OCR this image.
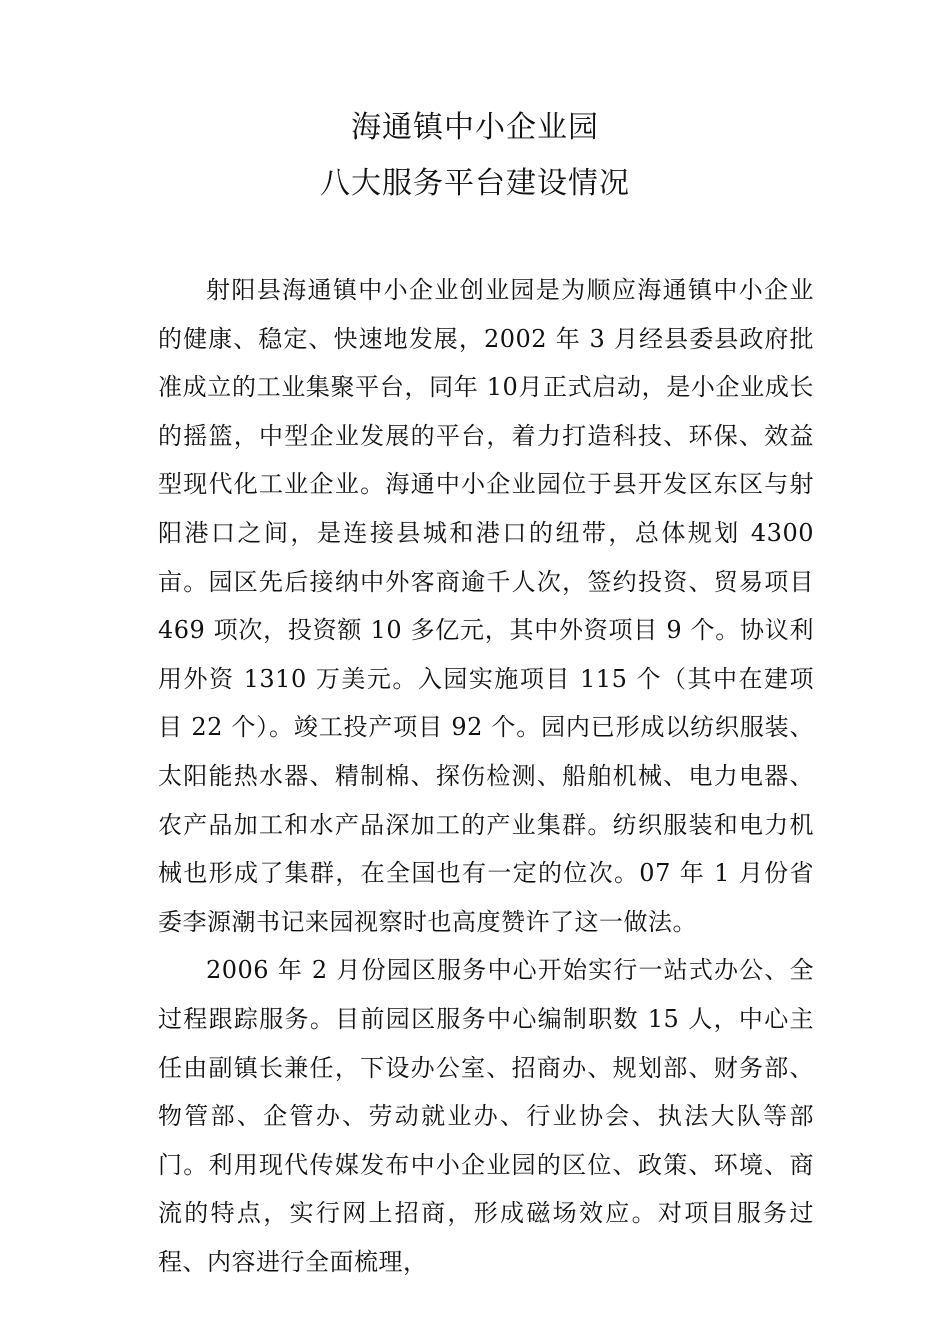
海通镇中小企业园
八大服务平台建设情况

射阳县海通镇中小企业创业园是为顺应海通镇中小企业的健康、稳定、快速地发展，2002 年 3 月经县委县政府批准成立的工业集聚平台，同年 10月正式启动，是小企业成长的摇篮，中型企业发展的平台，着力打造科技、环保、效益型现代化工业企业。海通中小企业园位于县开发区东区与射阳港口之间，是连接县城和港口的纽带，总体规划 4300 亩。园区先后接纳中外客商逾千人次，签约投资、贸易项目 469 项次，投资额 10 多亿元，其中外资项目 9 个。协议利用外资 1310 万美元。入园实施项目 115 个（其中在建项目 22 个）。竣工投产项目 92 个。园内已形成以纺织服装、太阳能热水器、精制棉、探伤检测、船舶机械、电力电器、农产品加工和水产品深加工的产业集群。纺织服装和电力机械也形成了集群，在全国也有一定的位次。07 年 1 月份省委李源潮书记来园视察时也高度赞许了这一做法。

2006 年 2 月份园区服务中心开始实行一站式办公、全过程跟踪服务。目前园区服务中心编制职数 15 人，中心主任由副镇长兼任，下设办公室、招商办、规划部、财务部、物管部、企管办、劳动就业办、行业协会、执法大队等部门。利用现代传媒发布中小企业园的区位、政策、环境、商流的特点，实行网上招商，形成磁场效应。对项目服务过程、内容进行全面梳理，
